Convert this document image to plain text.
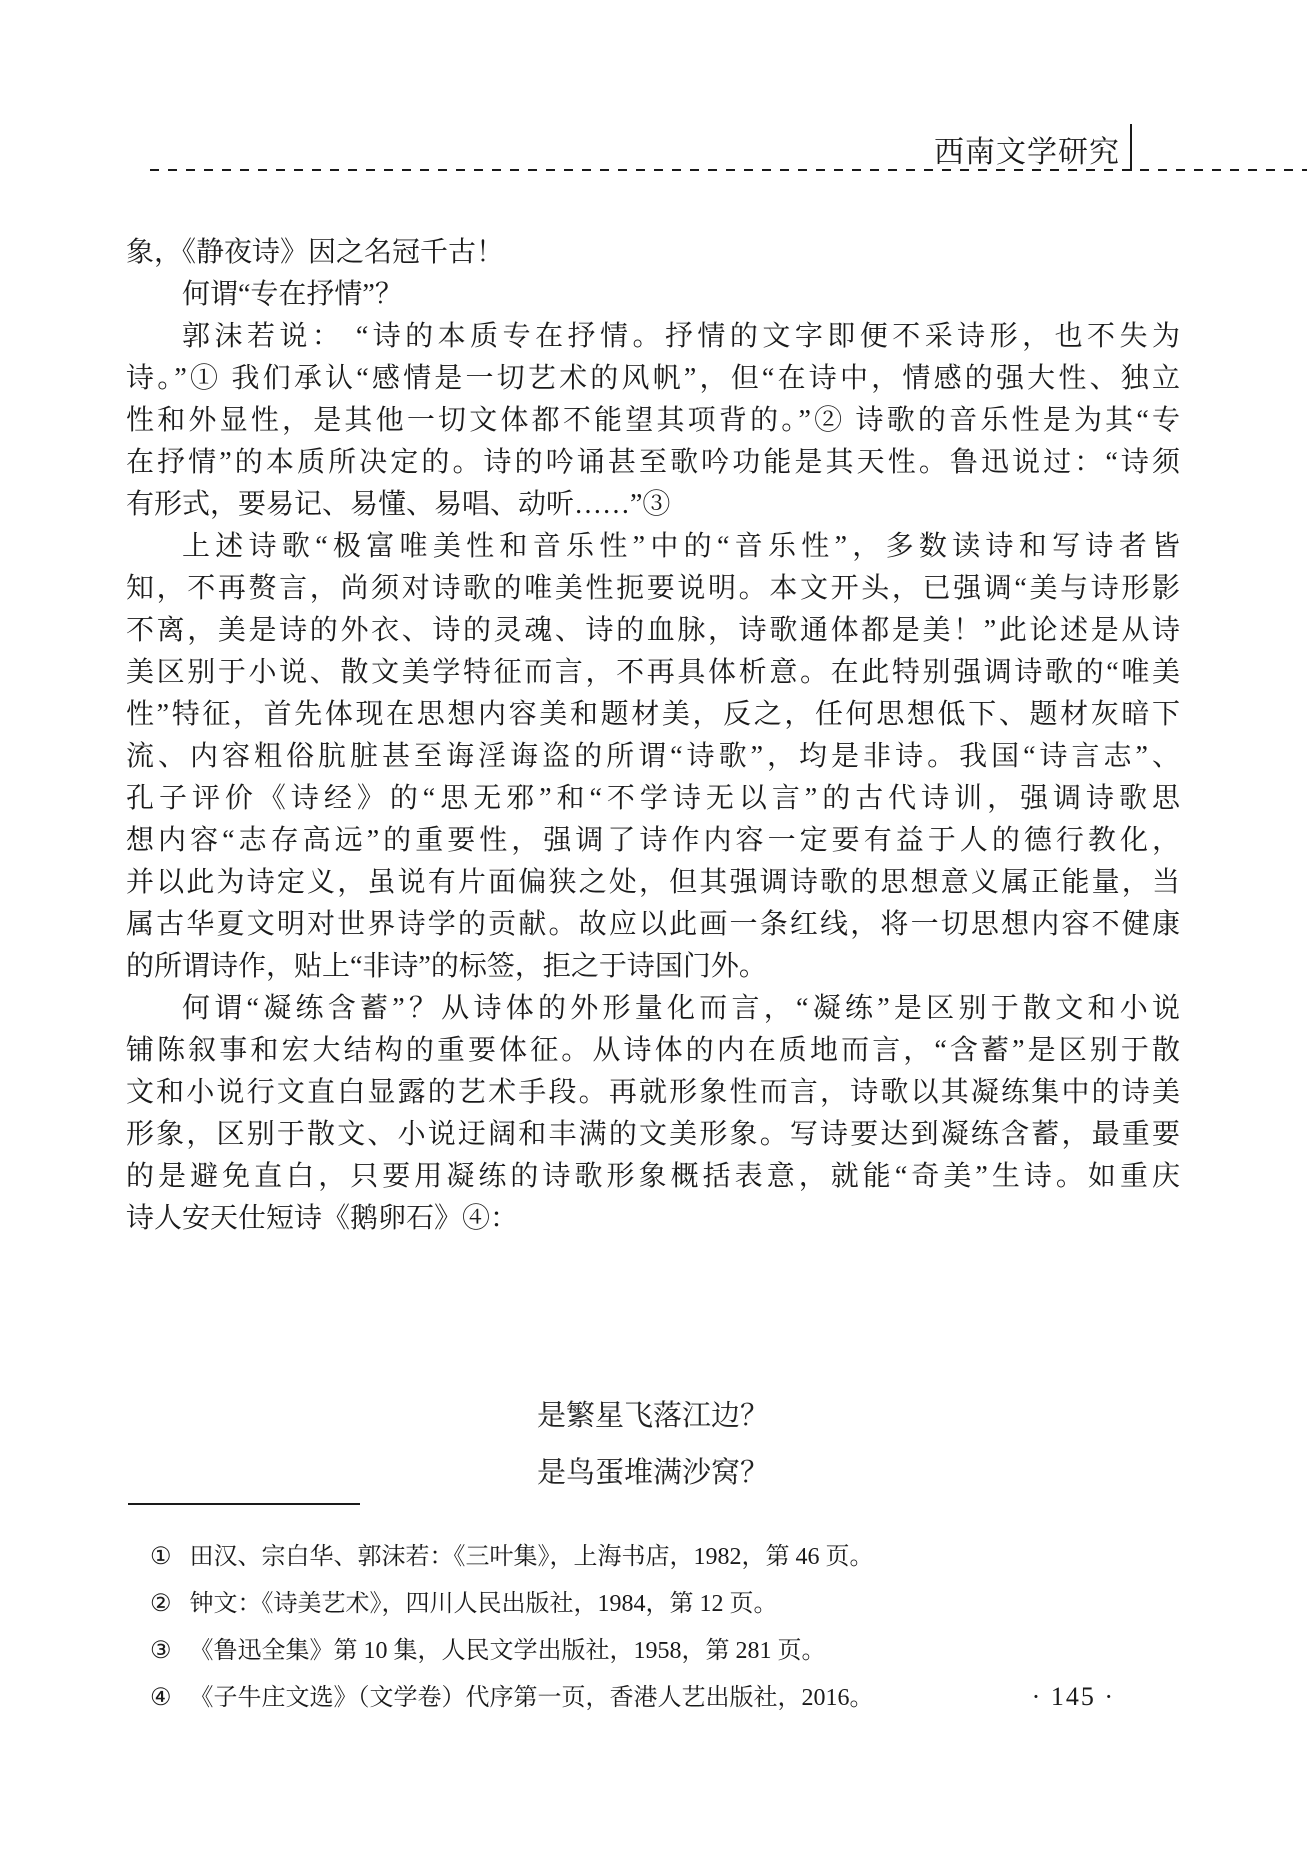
西南文学研究
象，《静夜诗》因之名冠千古！
何谓“专在抒情”？
郭沫若说： “诗的本质专在抒情。抒情的文字即便不采诗形，也不失为
诗。”① 我们承认“感情是一切艺术的风帆”，但“在诗中，情感的强大性、独立
性和外显性，是其他一切文体都不能望其项背的。”② 诗歌的音乐性是为其“专
在抒情”的本质所决定的。诗的吟诵甚至歌吟功能是其天性。鲁迅说过：“诗须
有形式，要易记、易懂、易唱、动听……”③
上述诗歌“极富唯美性和音乐性”中的“音乐性”，多数读诗和写诗者皆
知，不再赘言，尚须对诗歌的唯美性扼要说明。本文开头，已强调“美与诗形影
不离，美是诗的外衣、诗的灵魂、诗的血脉，诗歌通体都是美！”此论述是从诗
美区别于小说、散文美学特征而言，不再具体析意。在此特别强调诗歌的“唯美
性”特征，首先体现在思想内容美和题材美，反之，任何思想低下、题材灰暗下
流、内容粗俗肮脏甚至诲淫诲盗的所谓“诗歌”，均是非诗。我国“诗言志”、
孔子评价《诗经》的“思无邪”和“不学诗无以言”的古代诗训，强调诗歌思
想内容“志存高远”的重要性，强调了诗作内容一定要有益于人的德行教化，
并以此为诗定义，虽说有片面偏狭之处，但其强调诗歌的思想意义属正能量，当
属古华夏文明对世界诗学的贡献。故应以此画一条红线，将一切思想内容不健康
的所谓诗作，贴上“非诗”的标签，拒之于诗国门外。
何谓“凝练含蓄”？从诗体的外形量化而言，“凝练”是区别于散文和小说
铺陈叙事和宏大结构的重要体征。从诗体的内在质地而言，“含蓄”是区别于散
文和小说行文直白显露的艺术手段。再就形象性而言，诗歌以其凝练集中的诗美
形象，区别于散文、小说迂阔和丰满的文美形象。写诗要达到凝练含蓄，最重要
的是避免直白，只要用凝练的诗歌形象概括表意，就能“奇美”生诗。如重庆
诗人安天仕短诗《鹅卵石》④：
是繁星飞落江边？
是鸟蛋堆满沙窝？
① 田汉、宗白华、郭沫若：《三叶集》，上海书店，1982，第 46 页。
② 钟文：《诗美艺术》，四川人民出版社，1984，第 12 页。
③ 《鲁迅全集》第 10 集，人民文学出版社，1958，第 281 页。
④ 《子牛庄文选》（文学卷）代序第一页，香港人艺出版社，2016。	· 145 ·
